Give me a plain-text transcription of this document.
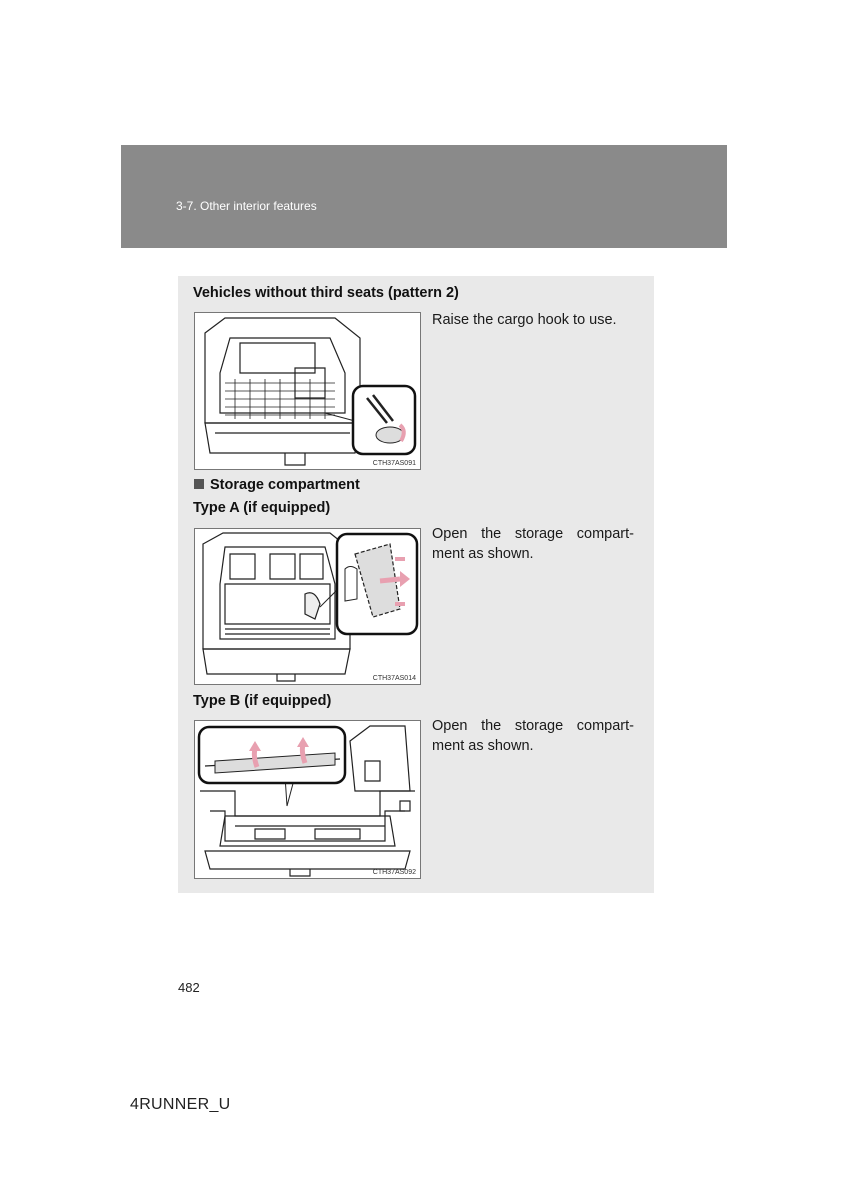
3-7. Other interior features
Vehicles without third seats (pattern 2)
CTH37AS091
Raise the cargo hook to use.
Storage compartment
Type A (if equipped)
CTH37AS014
Open the storage compart-ment as shown.
Type B (if equipped)
CTH37AS092
Open the storage compart-ment as shown.
482
4RUNNER_U
